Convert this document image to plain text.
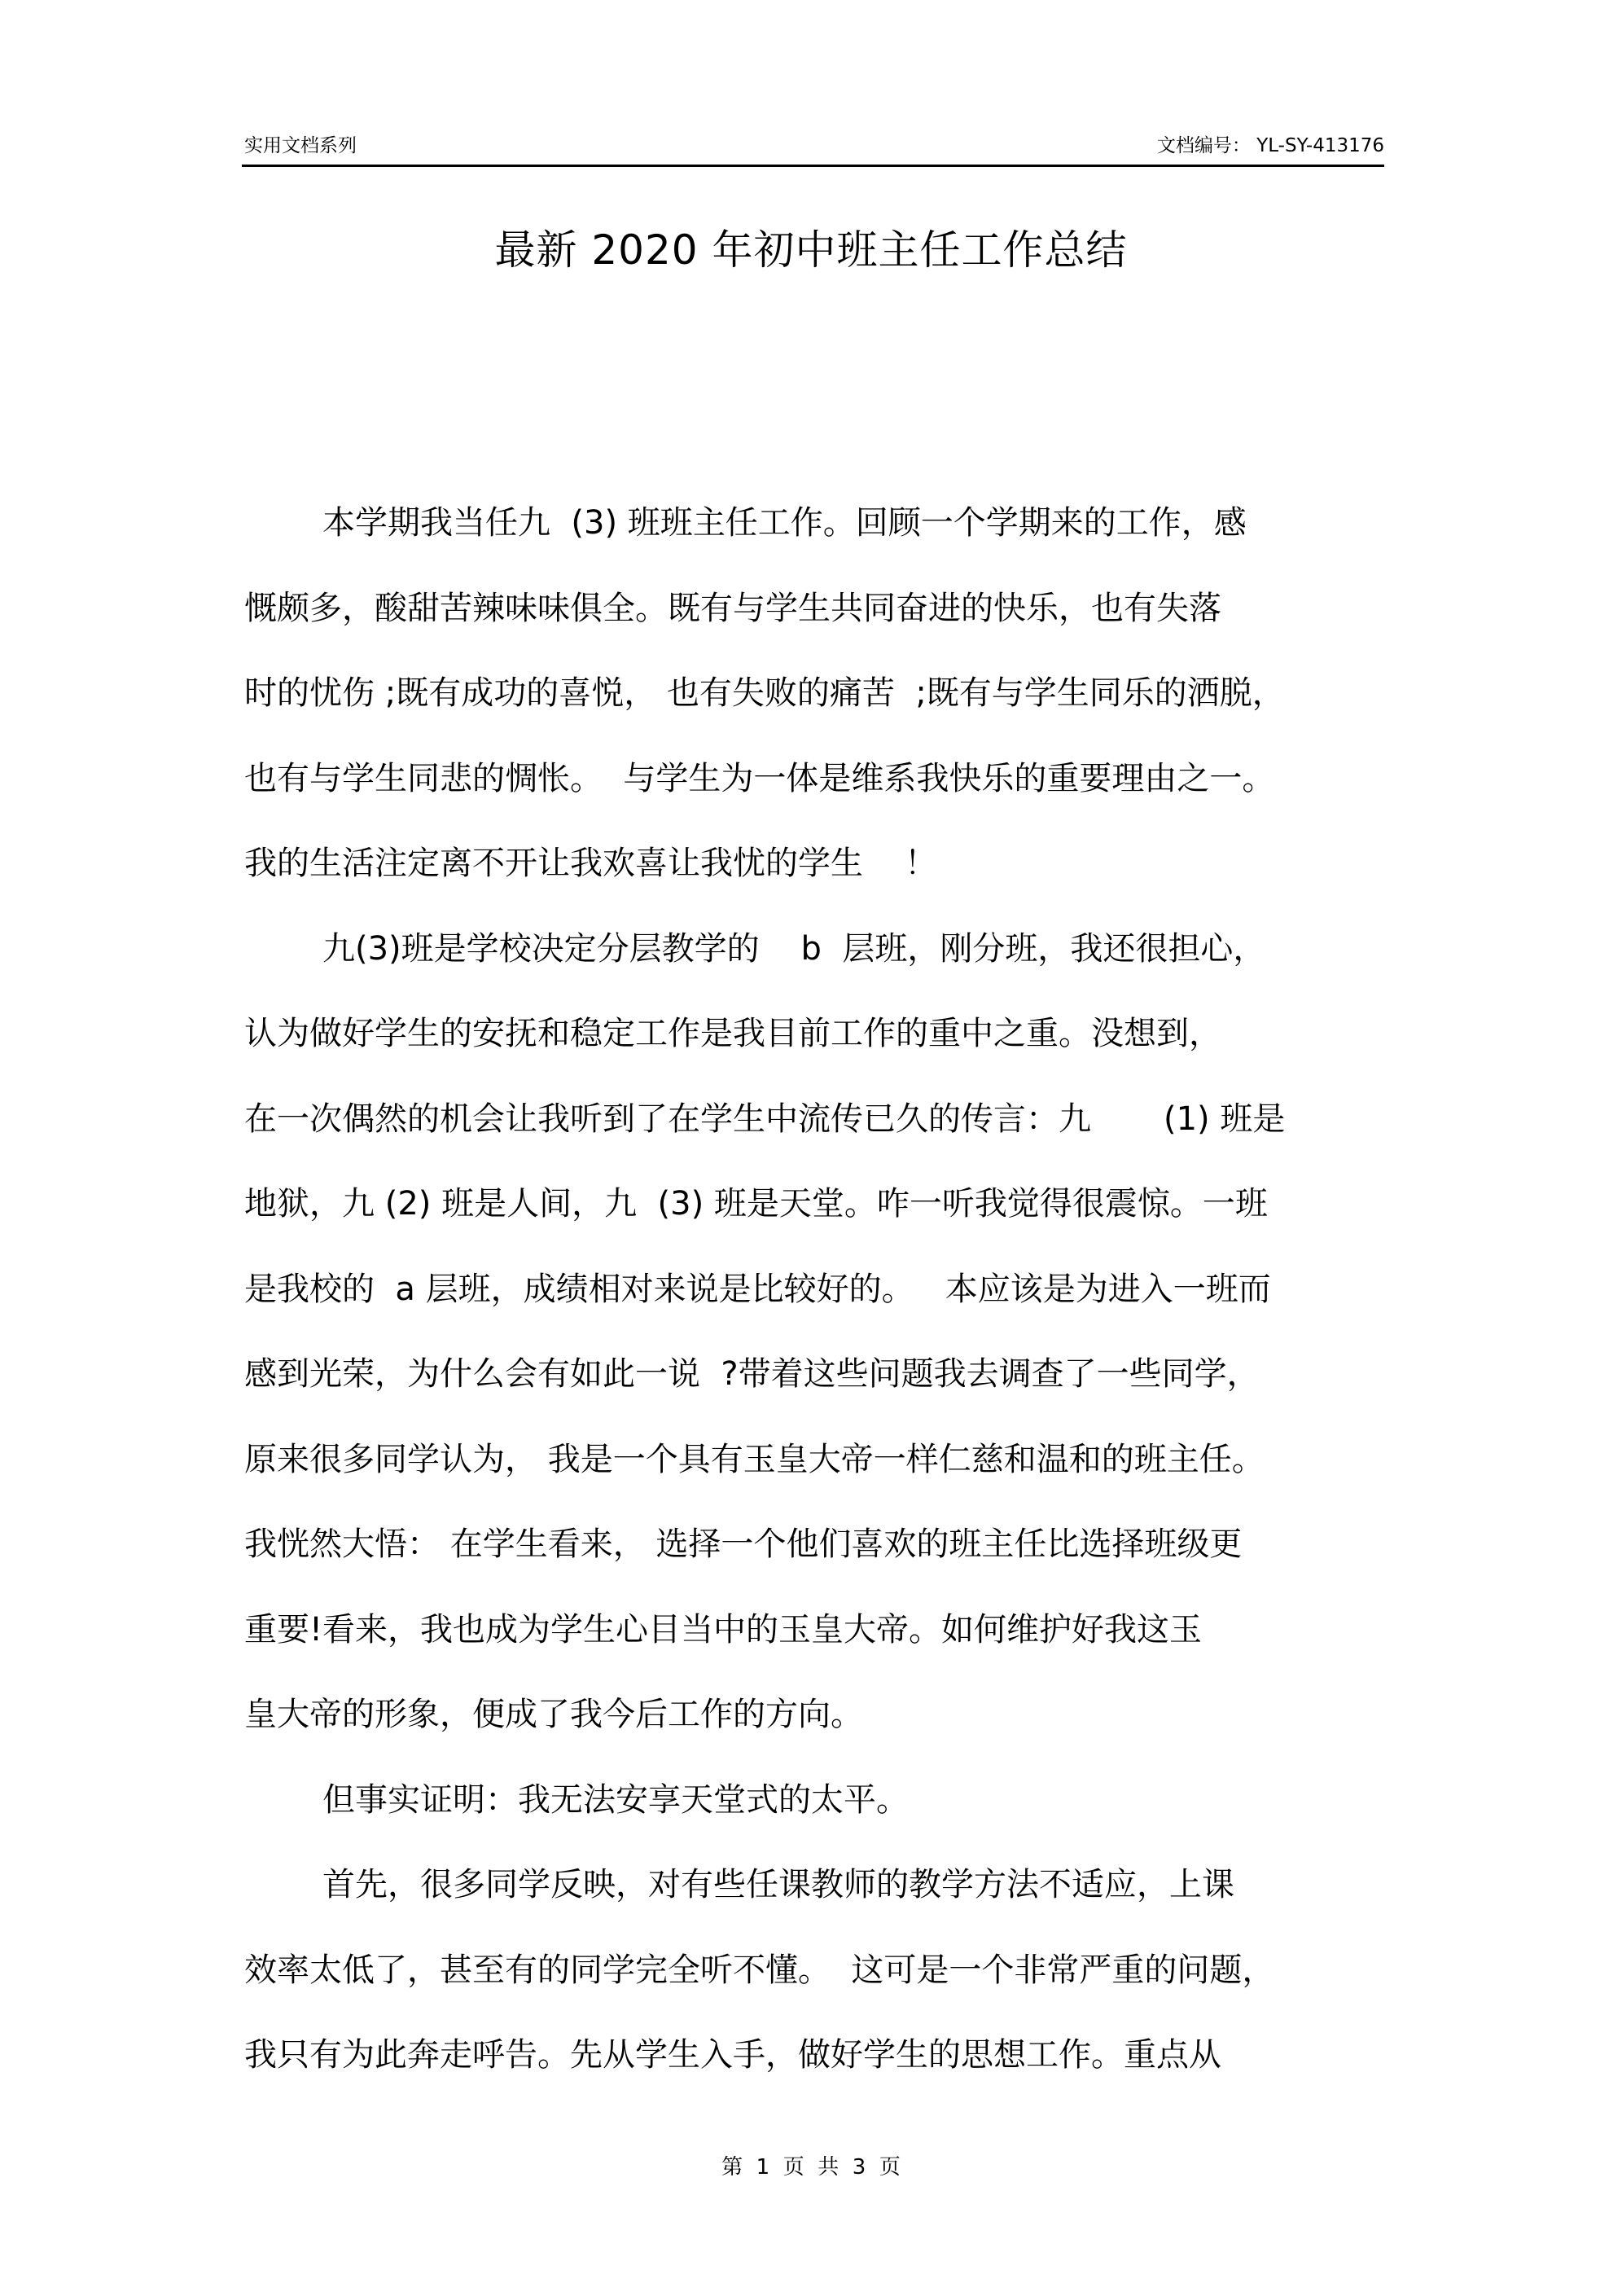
实用文档系列	文档编号： YL-SY-413176
最新 2020 年初中班主任工作总结
本学期我当任九  (3) 班班主任工作。回顾一个学期来的工作，感
慨颇多，酸甜苦辣味味俱全。既有与学生共同奋进的快乐，也有失落
时的忧伤 ;既有成功的喜悦， 也有失败的痛苦  ;既有与学生同乐的洒脱，
也有与学生同悲的惆怅。  与学生为一体是维系我快乐的重要理由之一。
我的生活注定离不开让我欢喜让我忧的学生    ！
九(3)班是学校决定分层教学的    b  层班，刚分班，我还很担心，
认为做好学生的安抚和稳定工作是我目前工作的重中之重。没想到，
在一次偶然的机会让我听到了在学生中流传已久的传言：九       (1) 班是
地狱，九 (2) 班是人间，九  (3) 班是天堂。咋一听我觉得很震惊。一班
是我校的  a 层班，成绩相对来说是比较好的。   本应该是为进入一班而
感到光荣，为什么会有如此一说  ?带着这些问题我去调查了一些同学，
原来很多同学认为， 我是一个具有玉皇大帝一样仁慈和温和的班主任。
我恍然大悟： 在学生看来， 选择一个他们喜欢的班主任比选择班级更
重要!看来，我也成为学生心目当中的玉皇大帝。如何维护好我这玉
皇大帝的形象，便成了我今后工作的方向。
但事实证明：我无法安享天堂式的太平。
首先，很多同学反映，对有些任课教师的教学方法不适应，上课
效率太低了，甚至有的同学完全听不懂。  这可是一个非常严重的问题，
我只有为此奔走呼告。先从学生入手，做好学生的思想工作。重点从
第  1  页  共  3  页
